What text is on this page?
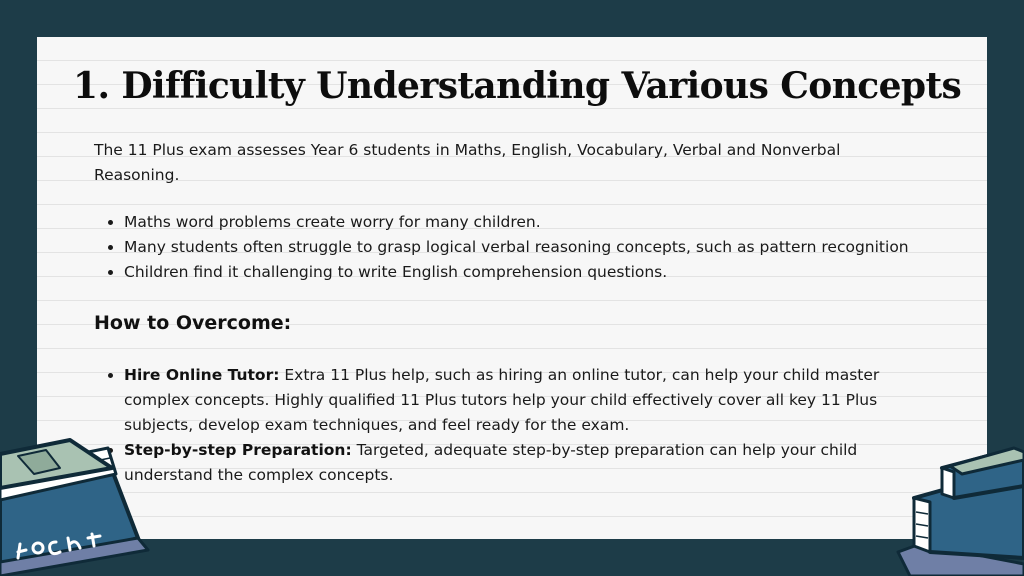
1. Difficulty Understanding Various Concepts

The 11 Plus exam assesses Year 6 students in Maths, English, Vocabulary, Verbal and Nonverbal Reasoning.

• Maths word problems create worry for many children.
• Many students often struggle to grasp logical verbal reasoning concepts, such as pattern recognition
• Children find it challenging to write English comprehension questions.
How to Overcome:
• Hire Online Tutor: Extra 11 Plus help, such as hiring an online tutor, can help your child master complex concepts. Highly qualified 11 Plus tutors help your child effectively cover all key 11 Plus subjects, develop exam techniques, and feel ready for the exam.
• Step-by-step Preparation: Targeted, adequate step-by-step preparation can help your child understand the complex concepts.
